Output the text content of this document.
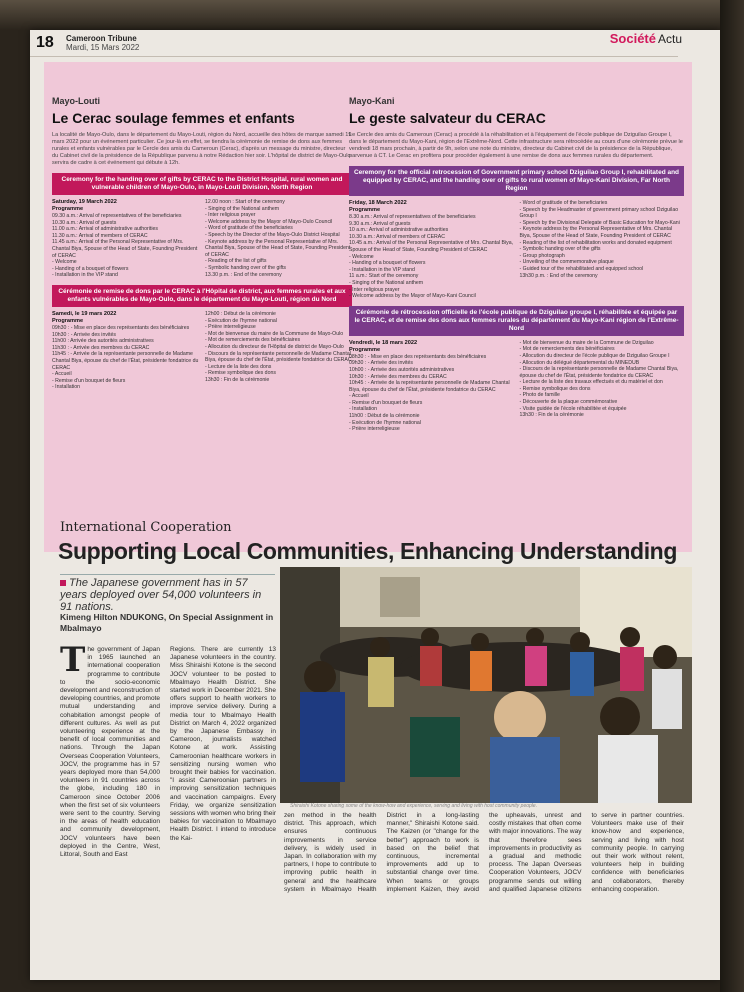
18 Cameroon Tribune
Mardi, 15 Mars 2022
Société Actu
Mayo-Louti
Le Cerac soulage femmes et enfants
La localité de Mayo-Oulo, dans le département du Mayo-Louti, région du Nord, accueille des hôtes de marque samedi 19 mars 2022 pour un événement particulier. Ce jour-là en effet, se tiendra la cérémonie de remise de dons aux femmes rurales et enfants vulnérables par le Cercle des amis du Cameroun (Cerac), d'après un message du ministre, directeur du Cabinet civil de la présidence de la République parvenu à notre Rédaction hier soir. L'hôpital de district de Mayo-Oulo servira de cadre à cet événement qui débute à 12h.
Ceremony for the handing over of gifts by CERAC to the District Hospital, rural women and vulnerable children of Mayo-Oulo, in Mayo-Louti Division, North Region
Saturday, 19 March 2022
Programme
09.30 a.m.: Arrival of representatives of the beneficiaries
10.30 a.m.: Arrival of guests
11.00 a.m.: Arrival of administrative authorities
11.30 a.m.: Arrival of members of CERAC
11.45 a.m.: Arrival of the Personal Representative of Mrs. Chantal Biya, Spouse of the Head of State, Founding President of CERAC
- Welcome
- Handing of a bouquet of flowers
- Installation in the VIP stand
12.00 noon : Start of the ceremony
- Singing of the National anthem
- Inter religious prayer
- Welcome address by the Mayor of Mayo-Oulo Council
- Word of gratitude of the beneficiaries
- Speech by the Director of the Mayo-Oulo District Hospital
- Keynote address by the Personal Representative of Mrs. Chantal Biya, Spouse of the Head of State, Founding President of CERAC
- Reading of the list of gifts
- Symbolic handing over of the gifts
13.30 p.m. : End of the ceremony
Cérémonie de remise de dons par le CERAC à l'Hôpital de district, aux femmes rurales et aux enfants vulnérables de Mayo-Oulo, dans le département du Mayo-Louti, région du Nord
Samedi, le 19 mars 2022
Programme
09h30 : - Mise en place des représentants des bénéficiaires
10h30 : - Arrivée des invités
11h00 : Arrivée des autorités administratives
11h30 : - Arrivée des membres du CERAC
11h45 : - Arrivée de la représentante personnelle de Madame Chantal Biya, épouse du chef de l'État, présidente fondatrice du CERAC
- Accueil
- Remise d'un bouquet de fleurs
- Installation
12h00 : Début de la cérémonie
- Exécution de l'hymne national
- Prière interreligieuse
- Mot de bienvenue du maire de la Commune de Mayo-Oulo
- Mot de remerciements des bénéficiaires
- Allocution du directeur de l'Hôpital de district de Mayo-Oulo
- Discours de la représentante personnelle de Madame Chantal Biya, épouse du chef de l'État, présidente fondatrice du CERAC
- Lecture de la liste des dons
- Remise symbolique des dons
13h30 : Fin de la cérémonie
Mayo-Kani
Le geste salvateur du CERAC
Le Cercle des amis du Cameroun (Cerac) a procédé à la réhabilitation et à l'équipement de l'école publique de Dziguilao Groupe I, dans le département du Mayo-Kani, région de l'Extrême-Nord. Cette infrastructure sera rétrocédée au cours d'une cérémonie prévue le vendredi 18 mars prochain, à partir de 9h, selon une note du ministre, directeur du Cabinet civil de la présidence de la République, parvenue à CT. Le Cerac en profitera pour procéder également à une remise de dons aux femmes rurales du département.
Ceremony for the official retrocession of Government primary school Dziguilao Group I, rehabilitated and equipped by CERAC, and the handing over of gifts to rural women of Mayo-Kani Division, Far North Region
Friday, 18 March 2022
Programme
8.30 a.m.: Arrival of representatives of the beneficiaries
9.30 a.m.: Arrival of guests
10 a.m.: Arrival of administrative authorities
10.30 a.m.: Arrival of members of CERAC
10.45 a.m.: Arrival of the Personal Representative of Mrs. Chantal Biya, Spouse of the Head of State, Founding President of CERAC
- Welcome
- Handing of a bouquet of flowers
- Installation in the VIP stand
11 a.m.: Start of the ceremony
- Singing of the National anthem
- Inter religious prayer
- Welcome address by the Mayor of Mayo-Kani Council
- Word of gratitude of the beneficiaries
- Speech by the Headmaster of government primary school Dziguilao Group I
- Speech by the Divisional Delegate of Basic Education for Mayo-Kani
- Keynote address by the Personal Representative of Mrs. Chantal Biya, Spouse of the Head of State, Founding President of CERAC
- Reading of the list of rehabilitation works and donated equipment
- Symbolic handing over of the gifts
- Group photograph
- Unveiling of the commemorative plaque
- Guided tour of the rehabilitated and equipped school
13h30 p.m. : End of the ceremony
Cérémonie de rétrocession officielle de l'école publique de Dziguilao groupe I, réhabilitée et équipée par le CERAC, et de remise des dons aux femmes rurales du département du Mayo-Kani région de l'Extrême-Nord
Vendredi, le 18 mars 2022
Programme
08h30 : - Mise en place des représentants des bénéficiaires
09h30 : - Arrivée des invités
10h00 : - Arrivée des autorités administratives
10h30 : - Arrivée des membres du CERAC
10h45 : - Arrivée de la représentante personnelle de Madame Chantal Biya, épouse du chef de l'État, présidente fondatrice du CERAC
- Accueil
- Remise d'un bouquet de fleurs
- Installation
11h00 : Début de la cérémonie
- Exécution de l'hymne national
- Prière interreligieuse
- Mot de bienvenue du maire de la Commune de Dziguilao
- Mot de remerciements des bénéficiaires
- Allocution du directeur de l'école publique de Dziguilao Groupe I
- Allocution du délégué départemental du MINEDUB
- Discours de la représentante personnelle de Madame Chantal Biya, épouse du chef de l'État, présidente fondatrice du CERAC
- Lecture de la liste des travaux effectués et du matériel et don
- Remise symbolique des dons
- Photo de famille
- Découverte de la plaque commémorative
- Visite guidée de l'école réhabilitée et équipée
13h30 : Fin de la cérémonie
International Cooperation
Supporting Local Communities, Enhancing Understanding
The Japanese government has in 57 years deployed over 54,000 volunteers in 91 nations.
Kimeng Hilton NDUKONG, On Special Assignment in Mbalmayo
Shiraishi Kotone sharing some of the know-how and experience, serving and living with host community people.
The government of Japan in 1965 launched an international cooperation programme to contribute to the socio-economic development and reconstruction of developing countries, and promote mutual understanding and cohabitation amongst people of different cultures. As well as put volunteering experience at the benefit of local communities and nations. Through the Japan Overseas Cooperation Volunteers, JOCV, the programme has in 57 years deployed more than 54,000 volunteers in 91 countries across the globe, including 180 in Cameroon since October 2006 when the first set of six volunteers were sent to the country. Serving in the areas of health education and community development, JOCV volunteers have been deployed in the Centre, West, Littoral, South and East
Regions. There are currently 13 Japanese volunteers in the country. Miss Shiraishi Kotone is the second JOCV volunteer to be posted to Mbalmayo Health District. She started work in December 2021. She offers support to health workers to improve service delivery. During a media tour to Mbalmayo Health District on March 4, 2022 organized by the Japanese Embassy in Cameroon, journalists watched Kotone at work. Assisting Cameroonian healthcare workers in sensitizing nursing women who brought their babies for vaccination. "I assist Cameroonian partners in improving sensitization techniques and vaccination campaigns. Every Friday, we organize sensitization sessions with women who bring their babies for vaccination to Mbalmayo Health District. I intend to introduce the Kai-
zen method in the health district. This approach, which ensures continuous improvements in service delivery, is widely used in Japan. In collaboration with my partners, I hope to contribute to improving public health in general and the healthcare system in Mbalmayo Health District in a long-lasting manner," Shiraishi Kotone said. The Kaizen (or "change for the better") approach to work is based on the belief that continuous, incremental improvements add up to substantial change over time. When teams or groups implement Kaizen, they avoid the upheavals, unrest and costly mistakes that often come with major innovations. The way that therefore sees improvements in productivity as a gradual and methodic process. The Japan Overseas Cooperation Volunteers, JOCV programme sends out willing and qualified Japanese citizens to serve in partner countries. Volunteers make use of their know-how and experience, serving and living with host community people. In carrying out their work without relent, volunteers help in building confidence with beneficiaries and collaborators, thereby enhancing cooperation.
